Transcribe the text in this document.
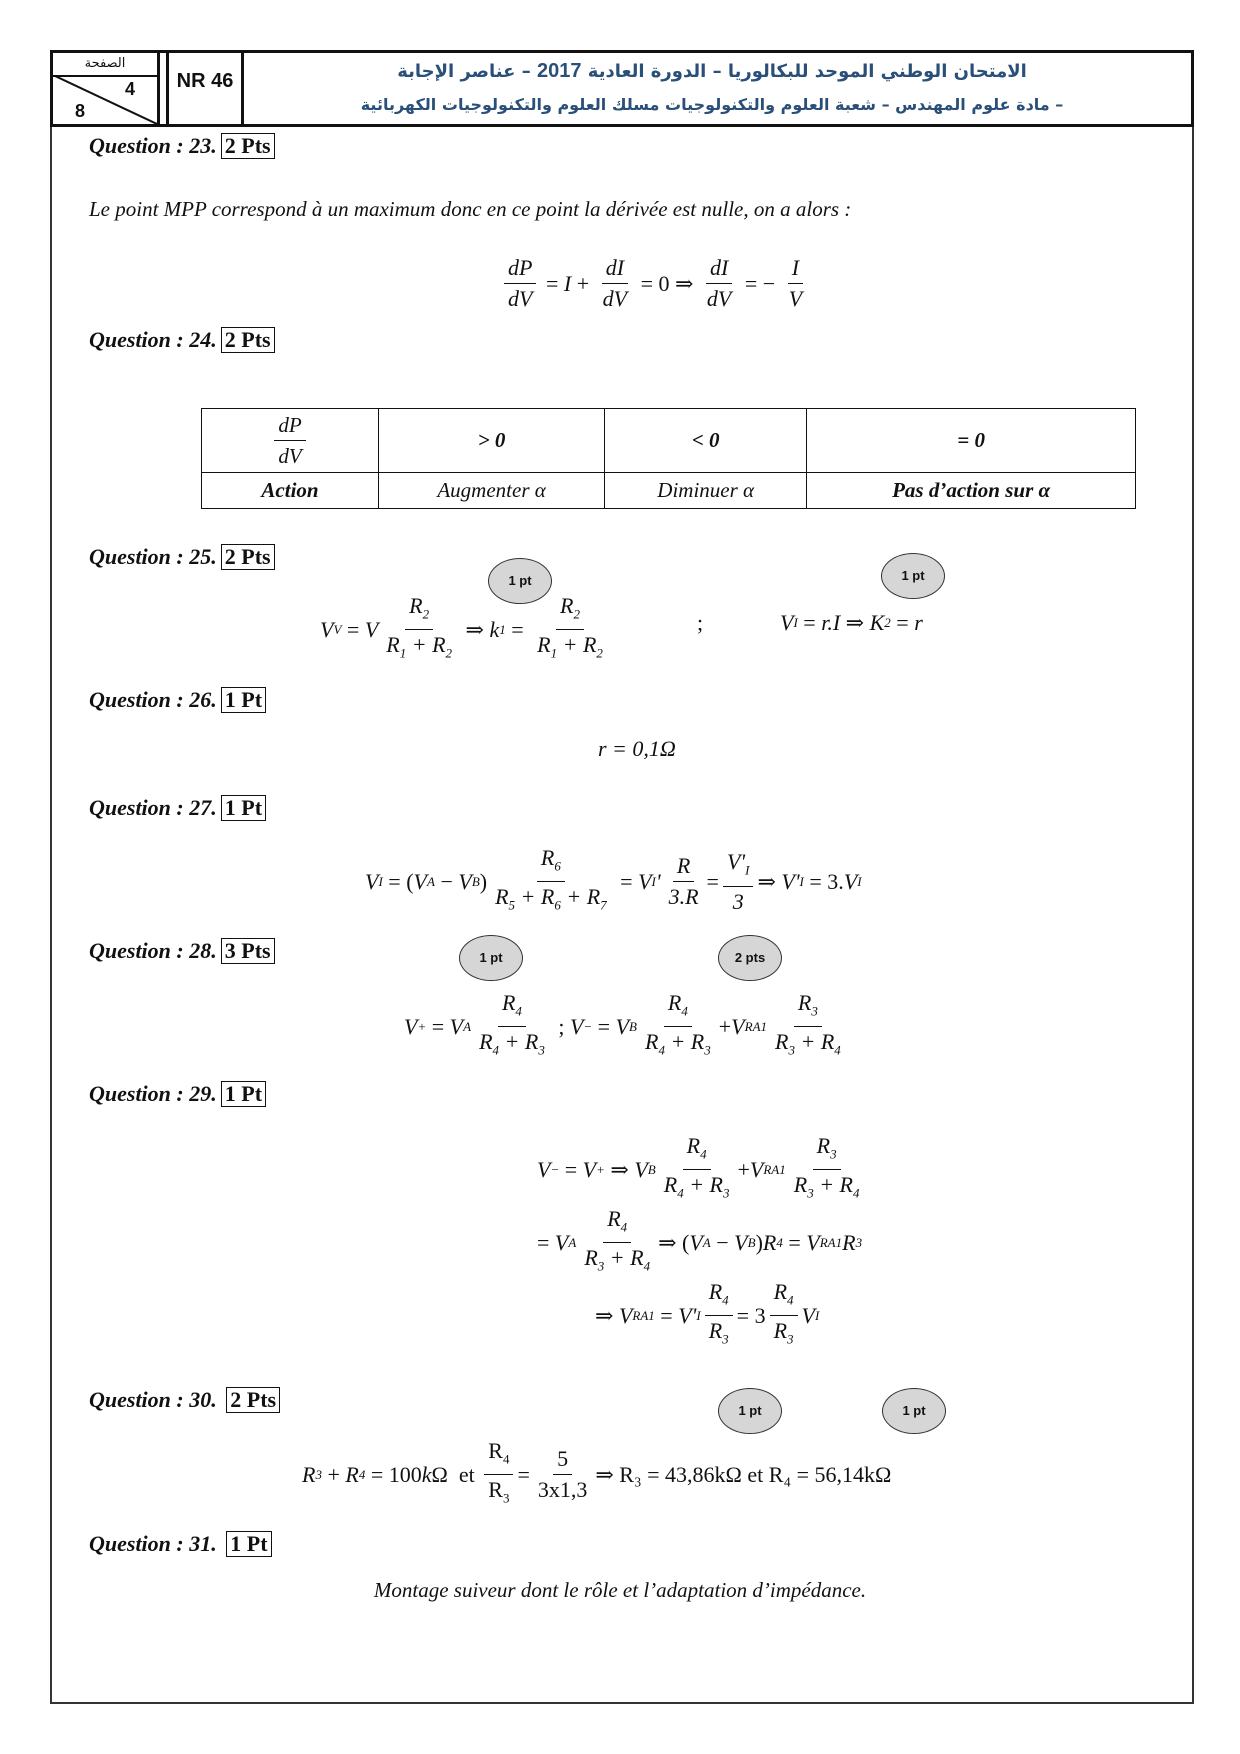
الصفحة
4
8
NR 46	الامتحان الوطني الموحد للبكالوريا – الدورة العادية 2017 – عناصر الإجابة
– مادة علوم المهندس – شعبة العلوم والتكنولوجيات مسلك العلوم والتكنولوجيات الكهربائية
Question : 23. 2 Pts
Le point MPP correspond à un maximum donc en ce point la dérivée est nulle, on a alors :
$\frac{dP}{dV} = I + \frac{dI}{dV} = 0$ ⇒ $\frac{dI}{dV}$ = − $\frac{I}{V}$
Question : 24. 2 Pts
$\frac{dP}{dV}$	> 0	< 0	= 0
Action	Augmenter α	Diminuer α	Pas d’action sur α
Question : 25. 2 Pts
1 pt	1 pt
V V = V $\frac{R_2}{R_1 + R_2}$ ⇒ k $1 = \frac{R_2}{R_1 + R_2}$	;	V I = r.I ⇒ K 2 = r
Question : 26. 1 Pt
r = 0,1Ω
Question : 27. 1 Pt
V I = ( V A − V B ) $\frac{R_6}{R_5 + R_6 + R_7} = V$ I ' $\frac{R}{3.R} = \frac{V'_I}{3}$ ⇒ V' I = 3. V I
Question : 28. 3 Pts	1 pt	2 pts
V + = V A $\frac{R_4}{R_4 + R_3}$ ; V − = V B $\frac{R_4}{R_4 + R_3} + V$ $RA1 \frac{R_3}{R_3 + R_4}$
Question : 29. 1 Pt
V − = V + ⇒ V B $\frac{R_4}{R_4 + R_3} + V$ $RA1 \frac{R_3}{R_3 + R_4}$
= V A $\frac{R_4}{R_3 + R_4}$ ⇒ ( V A − V B ) R 4 = V RA1 R 3
⇒ V RA1 = V' I $\frac{R_4}{R_3} = 3 \frac{R_4}{R_3}$ V I
Question : 30. 2 Pts	1 pt	1 pt
R 3 + R 4 = 100 k Ω  et $\frac{R_4}{R_3} = \frac{5}{3x1,3}$ ⇒ R₃ = 43,86kΩ et R₄ = 56,14kΩ
Question : 31. 1 Pt
Montage suiveur dont le rôle et l’adaptation d’impédance.
